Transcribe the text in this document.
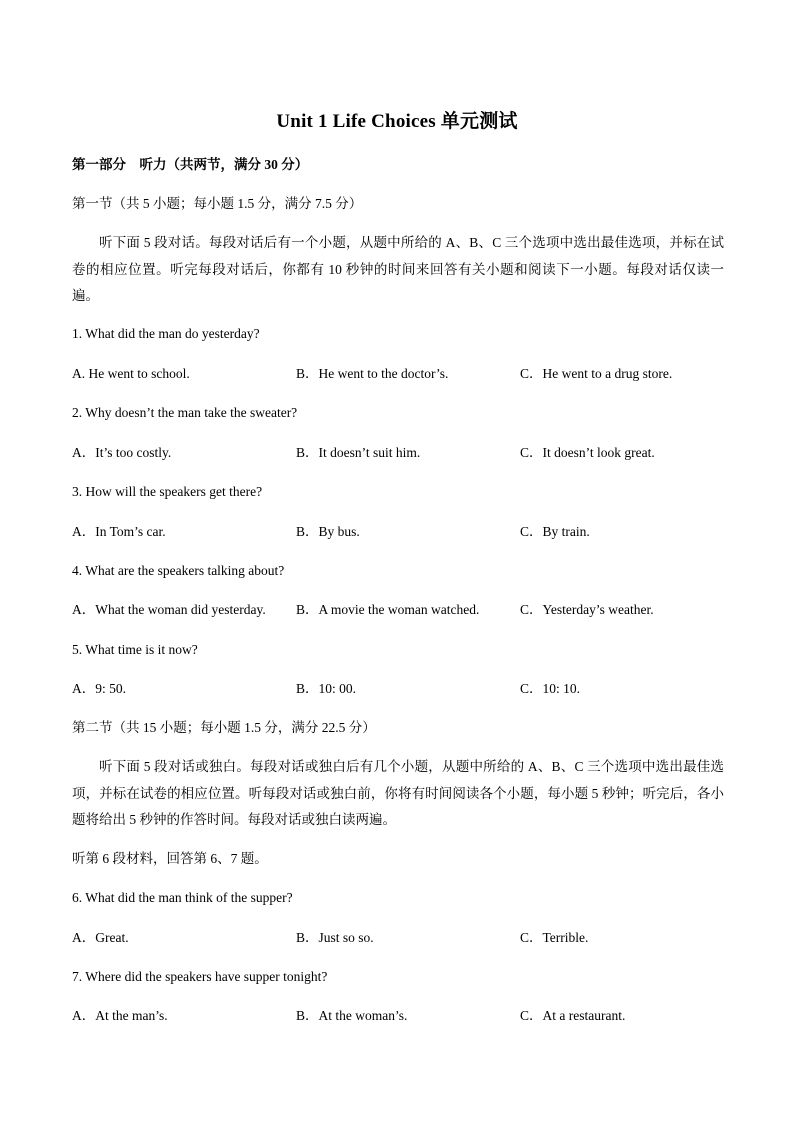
Unit 1 Life Choices 单元测试
第一部分　听力（共两节，满分 30 分）
第一节（共 5 小题；每小题 1.5 分，满分 7.5 分）
听下面 5 段对话。每段对话后有一个小题，从题中所给的 A、B、C 三个选项中选出最佳选项，并标在试卷的相应位置。听完每段对话后，你都有 10 秒钟的时间来回答有关小题和阅读下一小题。每段对话仅读一遍。
1. What did the man do yesterday?
A. He went to school.	B．He went to the doctor’s.	C．He went to a drug store.
2. Why doesn’t the man take the sweater?
A．It’s too costly.	B．It doesn’t suit him.	C．It doesn’t look great.
3. How will the speakers get there?
A．In Tom’s car.	B．By bus.	C．By train.
4. What are the speakers talking about?
A．What the woman did yesterday. B．A movie the woman watched.	C．Yesterday’s weather.
5. What time is it now?
A．9: 50.	B．10: 00.	C．10: 10.
第二节（共 15 小题；每小题 1.5 分，满分 22.5 分）
听下面 5 段对话或独白。每段对话或独白后有几个小题，从题中所给的 A、B、C 三个选项中选出最佳选项，并标在试卷的相应位置。听每段对话或独白前，你将有时间阅读各个小题，每小题 5 秒钟；听完后，各小题将给出 5 秒钟的作答时间。每段对话或独白读两遍。
听第 6 段材料，回答第 6、7 题。
6. What did the man think of the supper?
A．Great.	B．Just so so.	C．Terrible.
7. Where did the speakers have supper tonight?
A．At the man’s.	B．At the woman’s.	C．At a restaurant.
